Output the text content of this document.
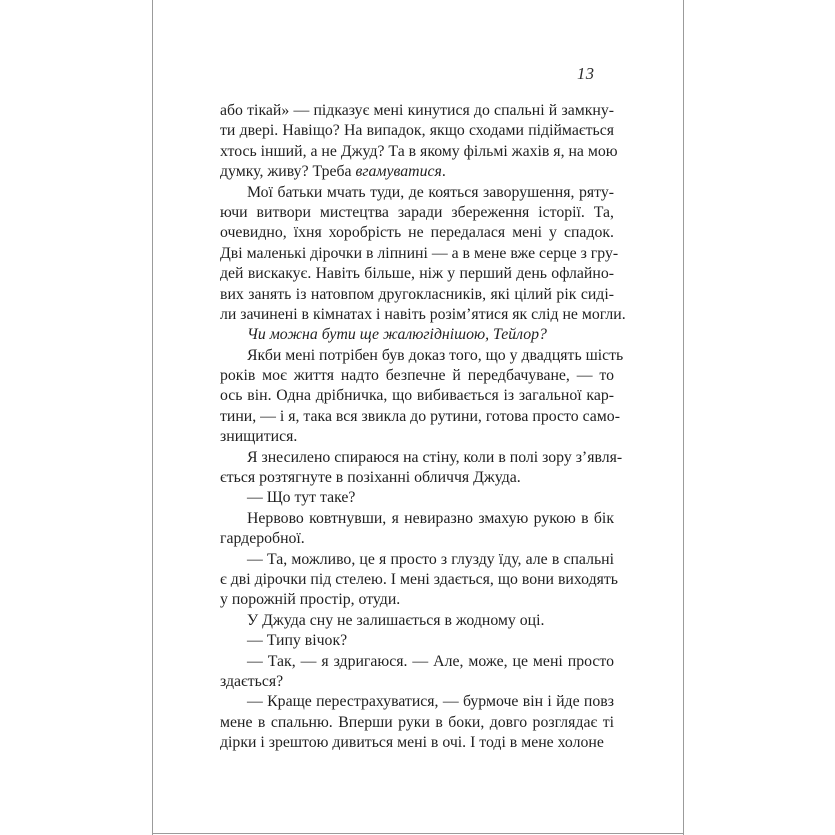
13
або тікай» — підказує мені кинутися до спальні й замкну-
ти двері. Навіщо? На випадок, якщо сходами підіймається
хтось інший, а не Джуд? Та в якому фільмі жахів я, на мою
думку, живу? Треба вгамуватися.
Мої батьки мчать туди, де кояться заворушення, ряту-
ючи витвори мистецтва заради збереження історії. Та,
очевидно, їхня хоробрість не передалася мені у спадок.
Дві маленькі дірочки в ліпнині — а в мене вже серце з гру-
дей вискакує. Навіть більше, ніж у перший день офлайно-
вих занять із натовпом другокласників, які цілий рік сиді-
ли зачинені в кімнатах і навіть розім’ятися як слід не могли.
Чи можна бути ще жалюгіднішою, Тейлор?
Якби мені потрібен був доказ того, що у двадцять шість
років моє життя надто безпечне й передбачуване, — то
ось він. Одна дрібничка, що вибивається із загальної кар-
тини, — і я, така вся звикла до рутини, готова просто само-
знищитися.
Я знесилено спираюся на стіну, коли в полі зору з’явля-
ється розтягнуте в позіханні обличчя Джуда.
— Що тут таке?
Нервово ковтнувши, я невиразно змахую рукою в бік
гардеробної.
— Та, можливо, це я просто з глузду їду, але в спальні
є дві дірочки під стелею. І мені здається, що вони виходять
у порожній простір, отуди.
У Джуда сну не залишається в жодному оці.
— Типу вічок?
— Так, — я здригаюся. — Але, може, це мені просто
здається?
— Краще перестрахуватися, — бурмоче він і йде повз
мене в спальню. Вперши руки в боки, довго розглядає ті
дірки і зрештою дивиться мені в очі. І тоді в мене холоне
